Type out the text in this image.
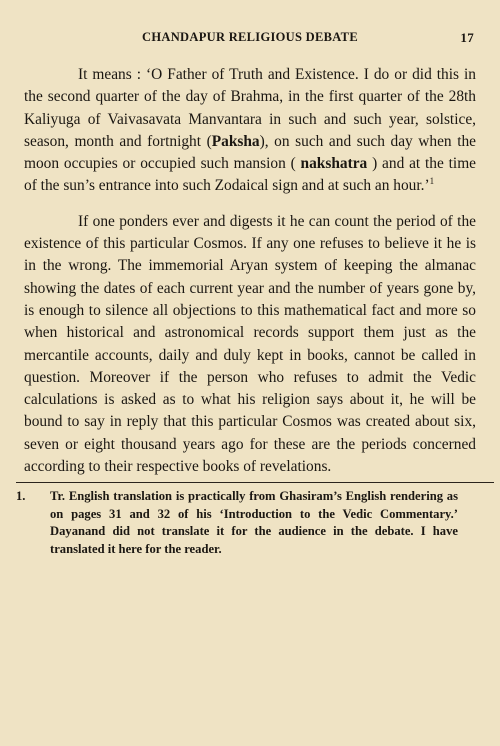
CHANDAPUR RELIGIOUS DEBATE	17

It means : ‘O Father of Truth and Existence. I do or did this in the second quarter of the day of Brahma, in the first quarter of the 28th Kaliyuga of Vaivasavata Manvantara in such and such year, solstice, season, month and fortnight (Paksha), on such and such day when the moon occupies or occupied such mansion ( nakshatra ) and at the time of the sun’s entrance into such Zodaical sign and at such an hour.’$^1$

If one ponders ever and digests it he can count the period of the existence of this particular Cosmos. If any one refuses to believe it he is in the wrong. The immemorial Aryan system of keeping the almanac showing the dates of each current year and the number of years gone by, is enough to silence all objections to this mathematical fact and more so when historical and astronomical records support them just as the mercantile accounts, daily and duly kept in books, cannot be called in question. Moreover if the person who refuses to admit the Vedic calculations is asked as to what his religion says about it, he will be bound to say in reply that this particular Cosmos was created about six, seven or eight thousand years ago for these are the periods concerned according to their respective books of revelations.

1.	Tr. English translation is practically from Ghasiram’s English rendering as on pages 31 and 32 of his ‘Introduction to the Vedic Commentary.’ Dayanand did not translate it for the audience in the debate. I have translated it here for the reader.
